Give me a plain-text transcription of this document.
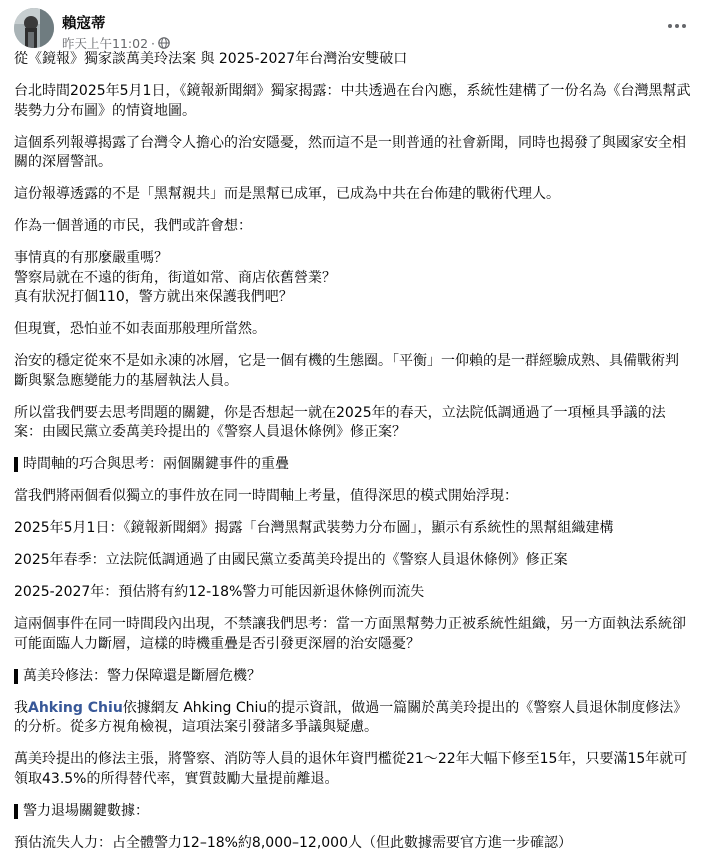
賴寇蒂
昨天上午11:02 ·

從《鏡報》獨家談萬美玲法案 與 2025-2027年台灣治安雙破口

台北時間2025年5月1日，《鏡報新聞網》獨家揭露：中共透過在台內應，系統性建構了一份名為《台灣黑幫武裝勢力分布圖》的情資地圖。

這個系列報導揭露了台灣令人擔心的治安隱憂，然而這不是一則普通的社會新聞，同時也揭發了與國家安全相關的深層警訊。

這份報導透露的不是「黑幫親共」而是黑幫已成軍，已成為中共在台佈建的戰術代理人。

作為一個普通的市民，我們或許會想：

事情真的有那麼嚴重嗎？

警察局就在不遠的街角，街道如常、商店依舊營業？

真有狀況打個110，警方就出來保護我們吧？

但現實，恐怕並不如表面那般理所當然。

治安的穩定從來不是如永凍的冰層，它是一個有機的生態圈。「平衡」一仰賴的是一群經驗成熟、具備戰術判斷與緊急應變能力的基層執法人員。

所以當我們要去思考問題的關鍵，你是否想起一就在2025年的春天，立法院低調通過了一項極具爭議的法案：由國民黨立委萬美玲提出的《警察人員退休條例》修正案？

時間軸的巧合與思考：兩個關鍵事件的重疊

當我們將兩個看似獨立的事件放在同一時間軸上考量，值得深思的模式開始浮現：

2025年5月1日：《鏡報新聞網》揭露「台灣黑幫武裝勢力分布圖」，顯示有系統性的黑幫組織建構

2025年春季：立法院低調通過了由國民黨立委萬美玲提出的《警察人員退休條例》修正案

2025-2027年：預估將有約12-18%警力可能因新退休條例而流失

這兩個事件在同一時間段內出現，不禁讓我們思考：當一方面黑幫勢力正被系統性組織，另一方面執法系統卻可能面臨人力斷層，這樣的時機重疊是否引發更深層的治安隱憂？

萬美玲修法：警力保障還是斷層危機？

我Ahking Chiu依據網友 Ahking Chiu的提示資訊，做過一篇關於萬美玲提出的《警察人員退休制度修法》的分析。從多方視角檢視，這項法案引發諸多爭議與疑慮。

萬美玲提出的修法主張，將警察、消防等人員的退休年資門檻從21～22年大幅下修至15年，只要滿15年就可領取43.5%的所得替代率，實質鼓勵大量提前離退。

警力退場關鍵數據：

預估流失人力：占全體警力12–18%約8,000–12,000人（但此數據需要官方進一步確認）
